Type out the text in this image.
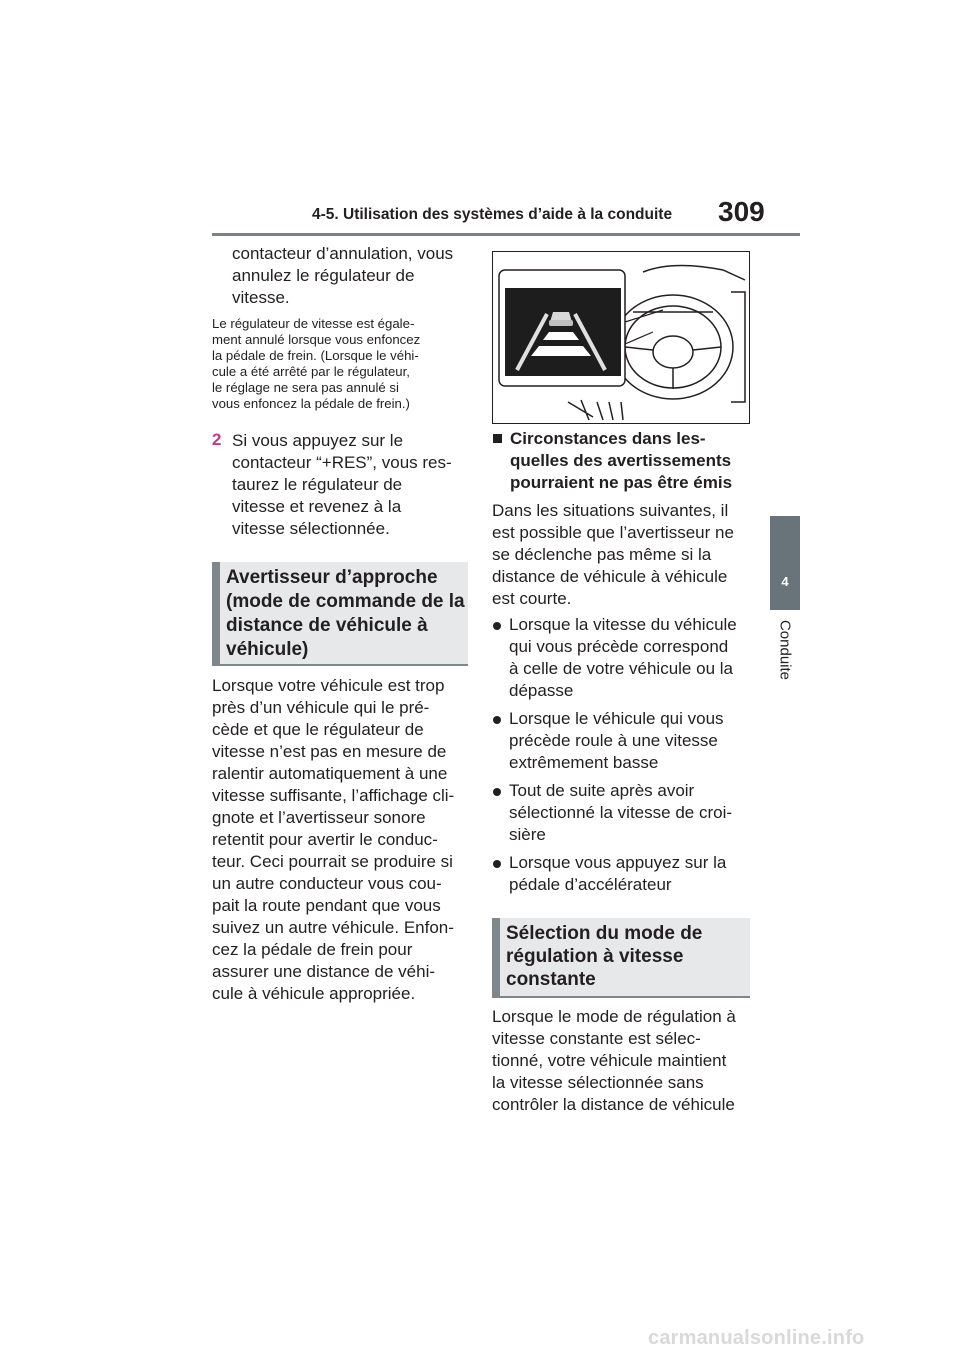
4-5. Utilisation des systèmes d’aide à la conduite 309
4
Conduite

contacteur d’annulation, vous

annulez le régulateur de

vitesse.

Le régulateur de vitesse est égale-

ment annulé lorsque vous enfoncez

la pédale de frein. (Lorsque le véhi-

cule a été arrêté par le régulateur,

le réglage ne sera pas annulé si

vous enfoncez la pédale de frein.)

2 Si vous appuyez sur le

contacteur “+RES”, vous res-

taurez le régulateur de

vitesse et revenez à la

vitesse sélectionnée.

Avertisseur d’approche

(mode de commande de la

distance de véhicule à

véhicule)

Lorsque votre véhicule est trop

près d’un véhicule qui le pré-

cède et que le régulateur de

vitesse n’est pas en mesure de

ralentir automatiquement à une

vitesse suffisante, l’affichage cli-

gnote et l’avertisseur sonore

retentit pour avertir le conduc-

teur. Ceci pourrait se produire si

un autre conducteur vous cou-

pait la route pendant que vous

suivez un autre véhicule. Enfon-

cez la pédale de frein pour

assurer une distance de véhi-

cule à véhicule appropriée.

Circonstances dans les-

quelles des avertissements

pourraient ne pas être émis

Dans les situations suivantes, il

est possible que l’avertisseur ne

se déclenche pas même si la

distance de véhicule à véhicule

est courte.

Lorsque la vitesse du véhicule

qui vous précède correspond

à celle de votre véhicule ou la

dépasse

Lorsque le véhicule qui vous

précède roule à une vitesse

extrêmement basse

Tout de suite après avoir

sélectionné la vitesse de croi-

sière

Lorsque vous appuyez sur la

pédale d’accélérateur

Sélection du mode de

régulation à vitesse

constante

Lorsque le mode de régulation à

vitesse constante est sélec-

tionné, votre véhicule maintient

la vitesse sélectionnée sans

contrôler la distance de véhicule

carmanualsonline.info
